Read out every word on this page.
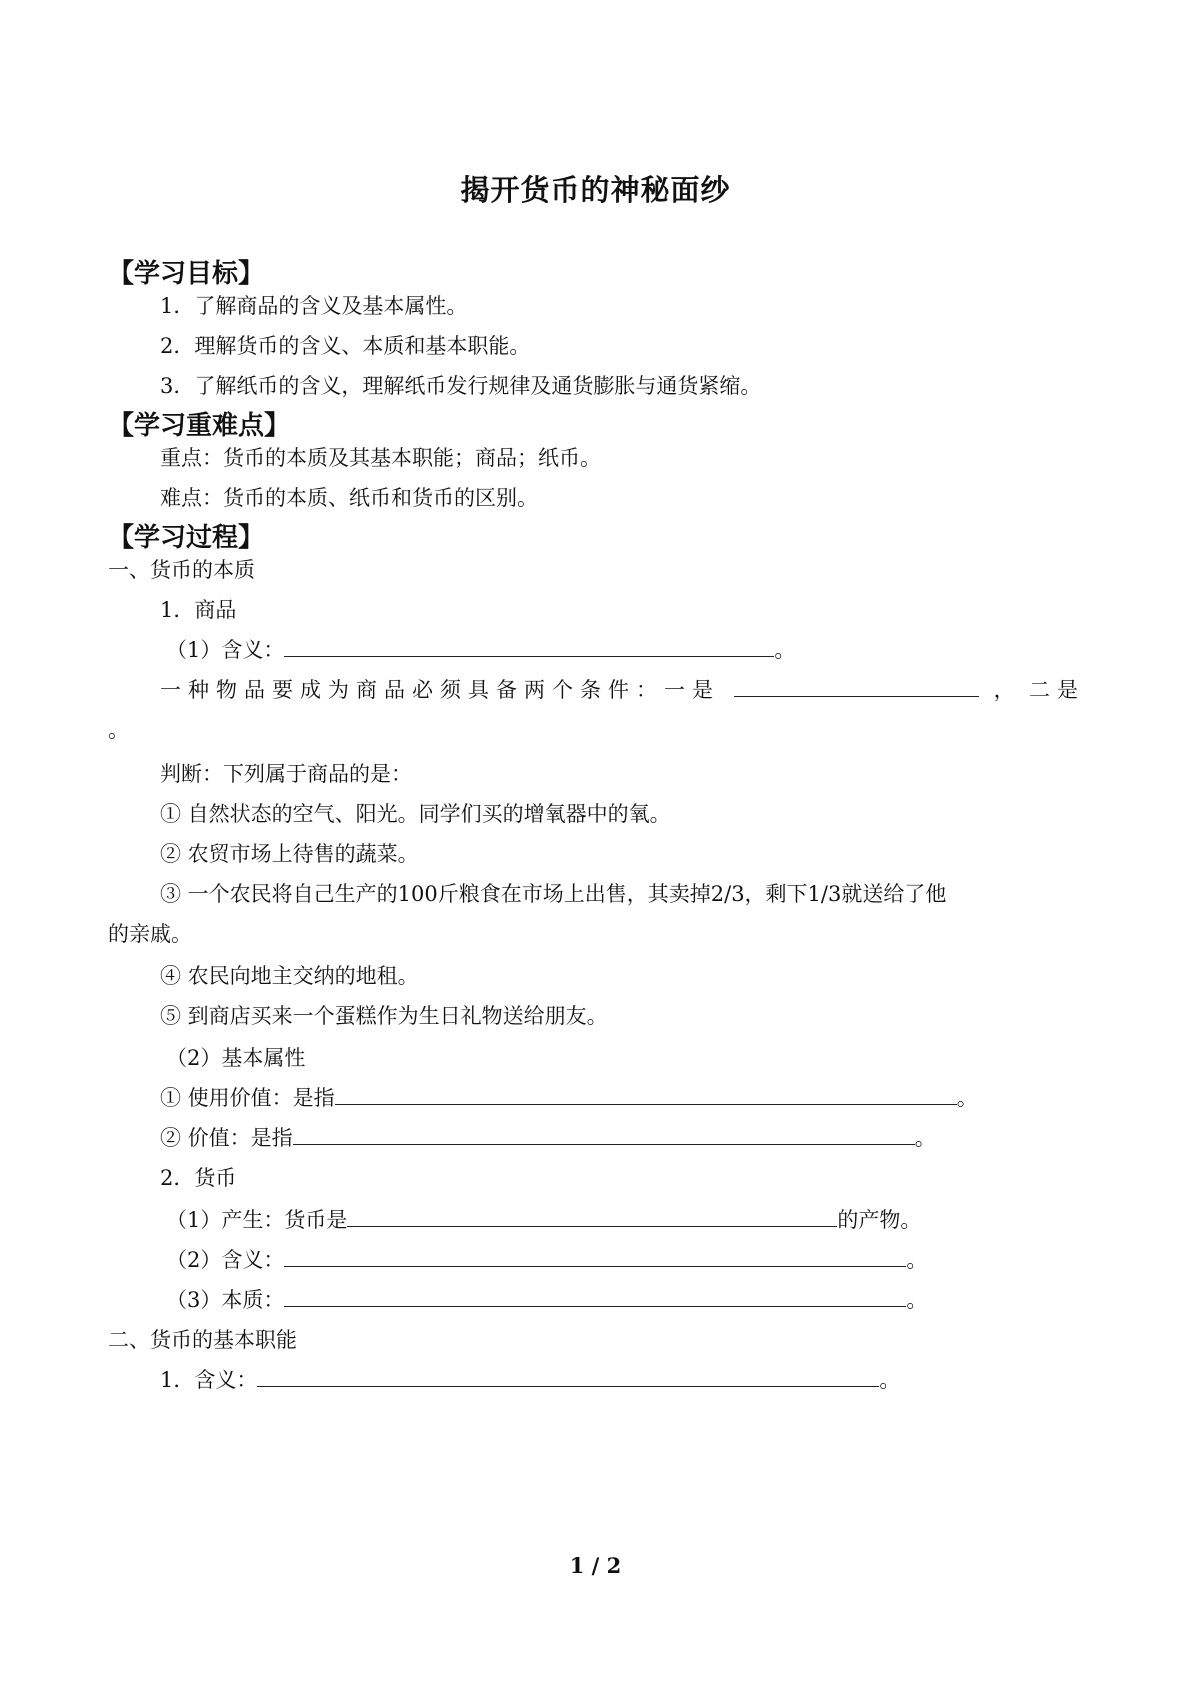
揭开货币的神秘面纱
【学习目标】
1．了解商品的含义及基本属性。
2．理解货币的含义、本质和基本职能。
3．了解纸币的含义，理解纸币发行规律及通货膨胀与通货紧缩。
【学习重难点】
重点：货币的本质及其基本职能；商品；纸币。
难点：货币的本质、纸币和货币的区别。
【学习过程】
一、货币的本质
1．商品
（1）含义：	。
一种物品要成为商品必须具备两个条件：一是	， 二是
。
判断：下列属于商品的是：
① 自然状态的空气、阳光。同学们买的增氧器中的氧。
② 农贸市场上待售的蔬菜。
③ 一个农民将自己生产的100斤粮食在市场上出售，其卖掉2/3，剩下1/3就送给了他
的亲戚。
④ 农民向地主交纳的地租。
⑤ 到商店买来一个蛋糕作为生日礼物送给朋友。
（2）基本属性
① 使用价值：是指	。
② 价值：是指	。
2．货币
（1）产生：货币是	的产物。
（2）含义：	。
（3）本质：	。
二、货币的基本职能
1．含义：	。
1 / 2
